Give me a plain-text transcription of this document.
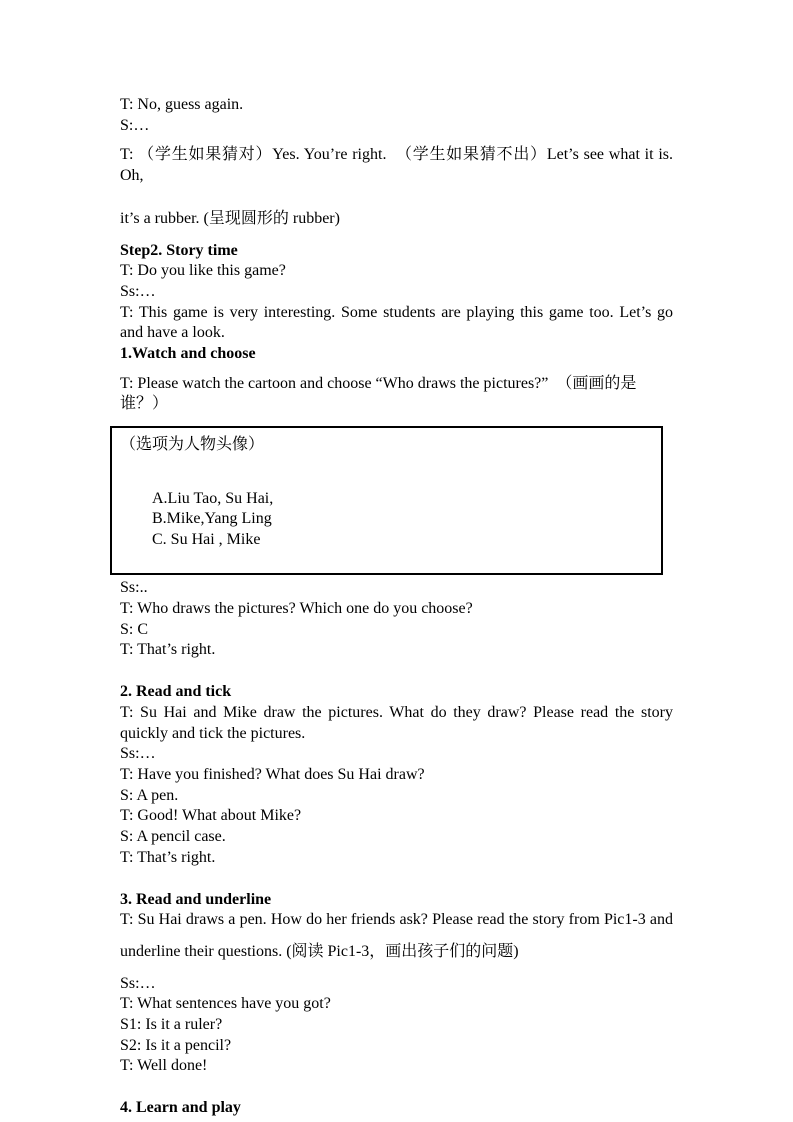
T: No, guess again.
S:…
T: （学生如果猜对）Yes. You’re right.  （学生如果猜不出）Let’s see what it is. Oh,
it’s a rubber. (呈现圆形的 rubber)
Step2. Story time
T: Do you like this game?
Ss:…
T: This game is very interesting. Some students are playing this game too. Let’s go
and have a look.
1.Watch and choose
T: Please watch the cartoon and choose “Who draws the pictures?”  （画画的是谁？）
（选项为人物头像）

A.Liu Tao, Su Hai,
B.Mike,Yang Ling
C. Su Hai , Mike

Ss:..
T: Who draws the pictures? Which one do you choose?
S: C
T: That’s right.
2. Read and tick
T: Su Hai and Mike draw the pictures. What do they draw? Please read the story
quickly and tick the pictures.
Ss:…
T: Have you finished? What does Su Hai draw?
S: A pen.
T: Good! What about Mike?
S: A pencil case.
T: That’s right.
3. Read and underline
T: Su Hai draws a pen. How do her friends ask? Please read the story from Pic1-3 and
underline their questions. (阅读 Pic1-3，画出孩子们的问题)
Ss:…
T: What sentences have you got?
S1: Is it a ruler?
S2: Is it a pencil?
T: Well done!
4. Learn and play
